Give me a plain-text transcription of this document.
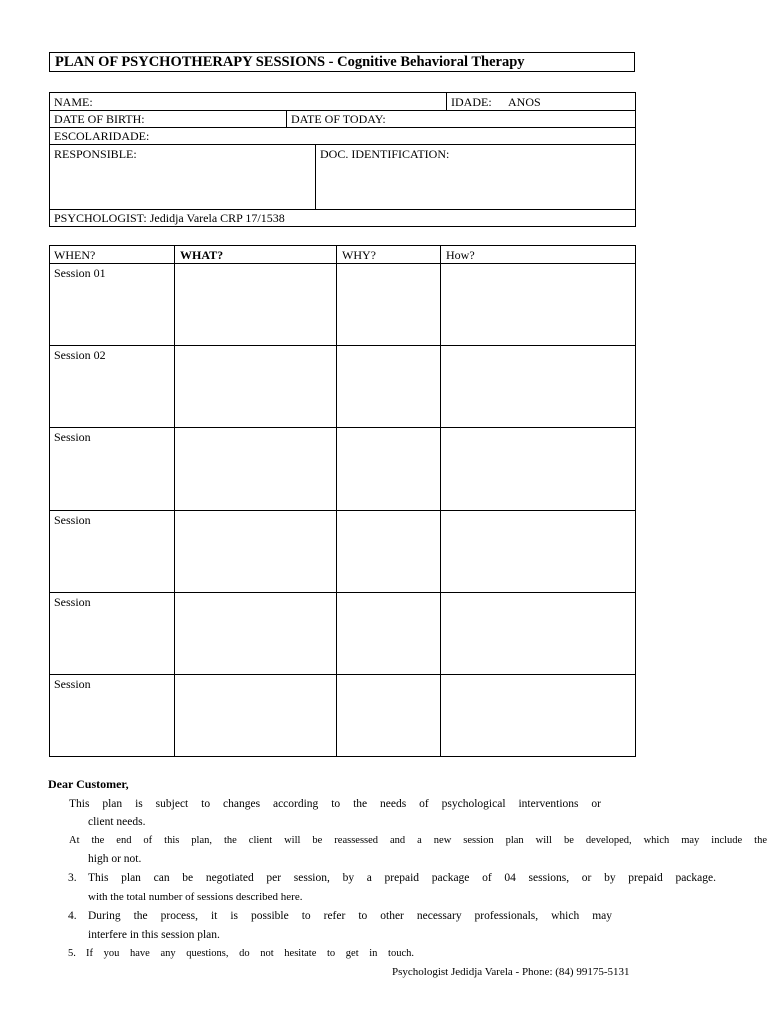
PLAN OF PSYCHOTHERAPY SESSIONS - Cognitive Behavioral Therapy
NAME:	IDADE: ANOS
DATE OF BIRTH:	DATE OF TODAY:
ESCOLARIDADE:
RESPONSIBLE:	DOC. IDENTIFICATION:
PSYCHOLOGIST: Jedidja Varela CRP 17/1538
WHEN?	WHAT?	WHY?	How?
Session 01
Session 02
Session
Session
Session
Session
Dear Customer,
This plan is subject to changes according to the needs of psychological interventions or
client needs.
At the end of this plan, the client will be reassessed and a new session plan will be developed, which may include the
high or not.
3. This plan can be negotiated per session, by a prepaid package of 04 sessions, or by prepaid package.
with the total number of sessions described here.
4. During the process, it is possible to refer to other necessary professionals, which may
interfere in this session plan.
5. If you have any questions, do not hesitate to get in touch.
Psychologist Jedidja Varela - Phone: (84) 99175-5131
